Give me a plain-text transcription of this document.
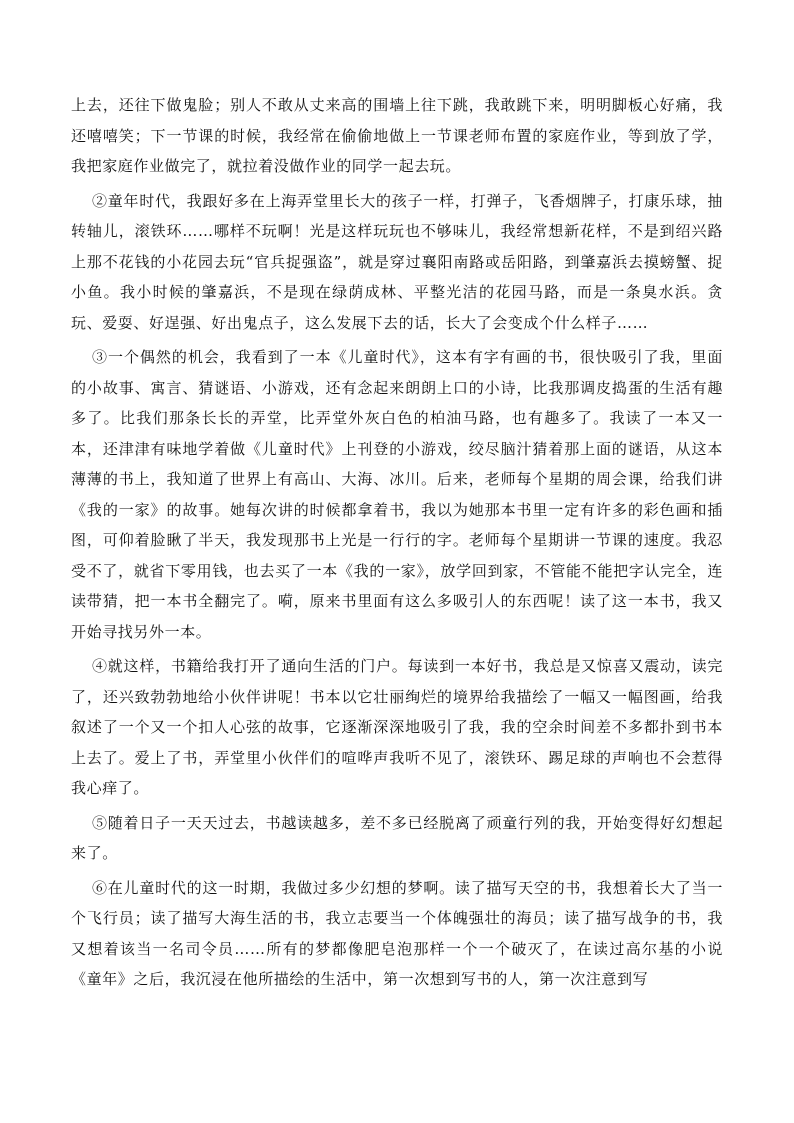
上去，还往下做鬼脸；别人不敢从丈来高的围墙上往下跳，我敢跳下来，明明脚板心好痛，我还嘻嘻笑；下一节课的时候，我经常在偷偷地做上一节课老师布置的家庭作业，等到放了学，我把家庭作业做完了，就拉着没做作业的同学一起去玩。

②童年时代，我跟好多在上海弄堂里长大的孩子一样，打弹子，飞香烟牌子，打康乐球，抽转轴儿，滚铁环……哪样不玩啊！光是这样玩玩也不够味儿，我经常想新花样，不是到绍兴路上那不花钱的小花园去玩“官兵捉强盗”，就是穿过襄阳南路或岳阳路，到肇嘉浜去摸螃蟹、捉小鱼。我小时候的肇嘉浜，不是现在绿荫成林、平整光洁的花园马路，而是一条臭水浜。贪玩、爱耍、好逞强、好出鬼点子，这么发展下去的话，长大了会变成个什么样子……

③一个偶然的机会，我看到了一本《儿童时代》，这本有字有画的书，很快吸引了我，里面的小故事、寓言、猜谜语、小游戏，还有念起来朗朗上口的小诗，比我那调皮捣蛋的生活有趣多了。比我们那条长长的弄堂，比弄堂外灰白色的柏油马路，也有趣多了。我读了一本又一本，还津津有味地学着做《儿童时代》上刊登的小游戏，绞尽脑汁猜着那上面的谜语，从这本薄薄的书上，我知道了世界上有高山、大海、冰川。后来，老师每个星期的周会课，给我们讲《我的一家》的故事。她每次讲的时候都拿着书，我以为她那本书里一定有许多的彩色画和插图，可仰着脸瞅了半天，我发现那书上光是一行行的字。老师每个星期讲一节课的速度。我忍受不了，就省下零用钱，也去买了一本《我的一家》，放学回到家，不管能不能把字认完全，连读带猜，把一本书全翻完了。嗬，原来书里面有这么多吸引人的东西呢！读了这一本书，我又开始寻找另外一本。

④就这样，书籍给我打开了通向生活的门户。每读到一本好书，我总是又惊喜又震动，读完了，还兴致勃勃地给小伙伴讲呢！书本以它壮丽绚烂的境界给我描绘了一幅又一幅图画，给我叙述了一个又一个扣人心弦的故事，它逐渐深深地吸引了我，我的空余时间差不多都扑到书本上去了。爱上了书，弄堂里小伙伴们的喧哗声我听不见了，滚铁环、踢足球的声响也不会惹得我心痒了。

⑤随着日子一天天过去，书越读越多，差不多已经脱离了顽童行列的我，开始变得好幻想起来了。

⑥在儿童时代的这一时期，我做过多少幻想的梦啊。读了描写天空的书，我想着长大了当一个飞行员；读了描写大海生活的书，我立志要当一个体魄强壮的海员；读了描写战争的书，我又想着该当一名司令员……所有的梦都像肥皂泡那样一个一个破灭了，在读过高尔基的小说《童年》之后，我沉浸在他所描绘的生活中，第一次想到写书的人，第一次注意到写
